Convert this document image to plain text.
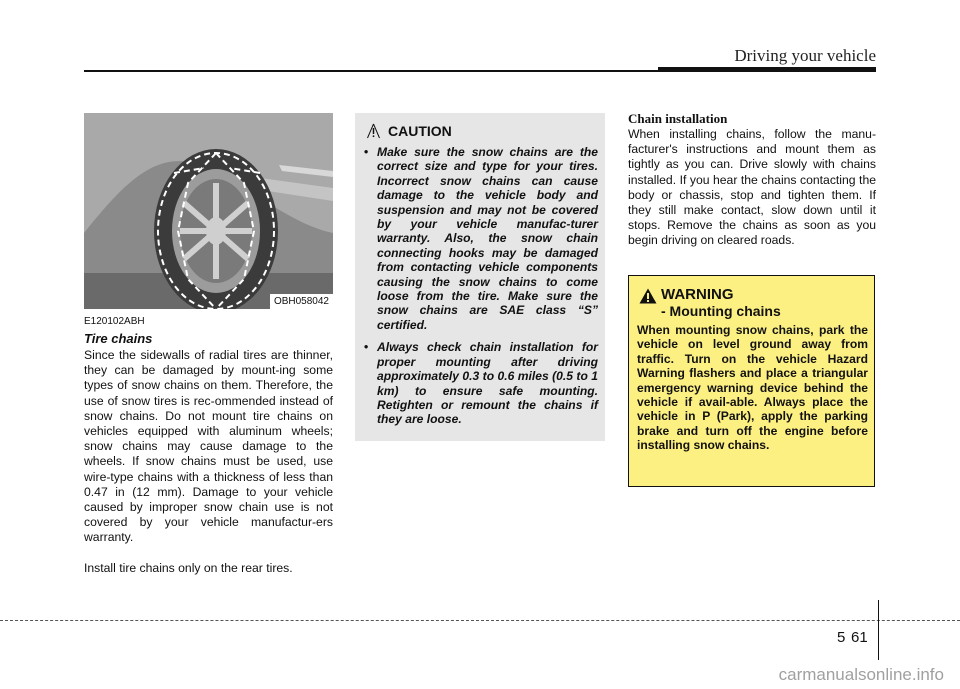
Driving your vehicle
OBH058042
E120102ABH
Tire chains

Since the sidewalls of radial tires are thinner, they can be damaged by mount-ing some types of snow chains on them. Therefore, the use of snow tires is rec-ommended instead of snow chains. Do not mount tire chains on vehicles equipped with aluminum wheels; snow chains may cause damage to the wheels. If snow chains must be used, use wire-type chains with a thickness of less than 0.47 in (12 mm). Damage to your vehicle caused by improper snow chain use is not covered by your vehicle manufactur-ers warranty.

Install tire chains only on the rear tires.

CAUTION
• Make sure the snow chains are the correct size and type for your tires. Incorrect snow chains can cause damage to the vehicle body and suspension and may not be covered by your vehicle manufac-turer warranty. Also, the snow chain connecting hooks may be damaged from contacting vehicle components causing the snow chains to come loose from the tire. Make sure the snow chains are SAE class “S” certified.
• Always check chain installation for proper mounting after driving approximately 0.3 to 0.6 miles (0.5 to 1 km) to ensure safe mounting. Retighten or remount the chains if they are loose.
Chain installation

When installing chains, follow the manu-facturer's instructions and mount them as tightly as you can. Drive slowly with chains installed. If you hear the chains contacting the body or chassis, stop and tighten them. If they still make contact, slow down until it stops. Remove the chains as soon as you begin driving on cleared roads.

WARNING
- Mounting chains

When mounting snow chains, park the vehicle on level ground away from traffic. Turn on the vehicle Hazard Warning flashers and place a triangular emergency warning device behind the vehicle if avail-able. Always place the vehicle in P (Park), apply the parking brake and turn off the engine before installing snow chains.

5 61
carmanualsonline.info
